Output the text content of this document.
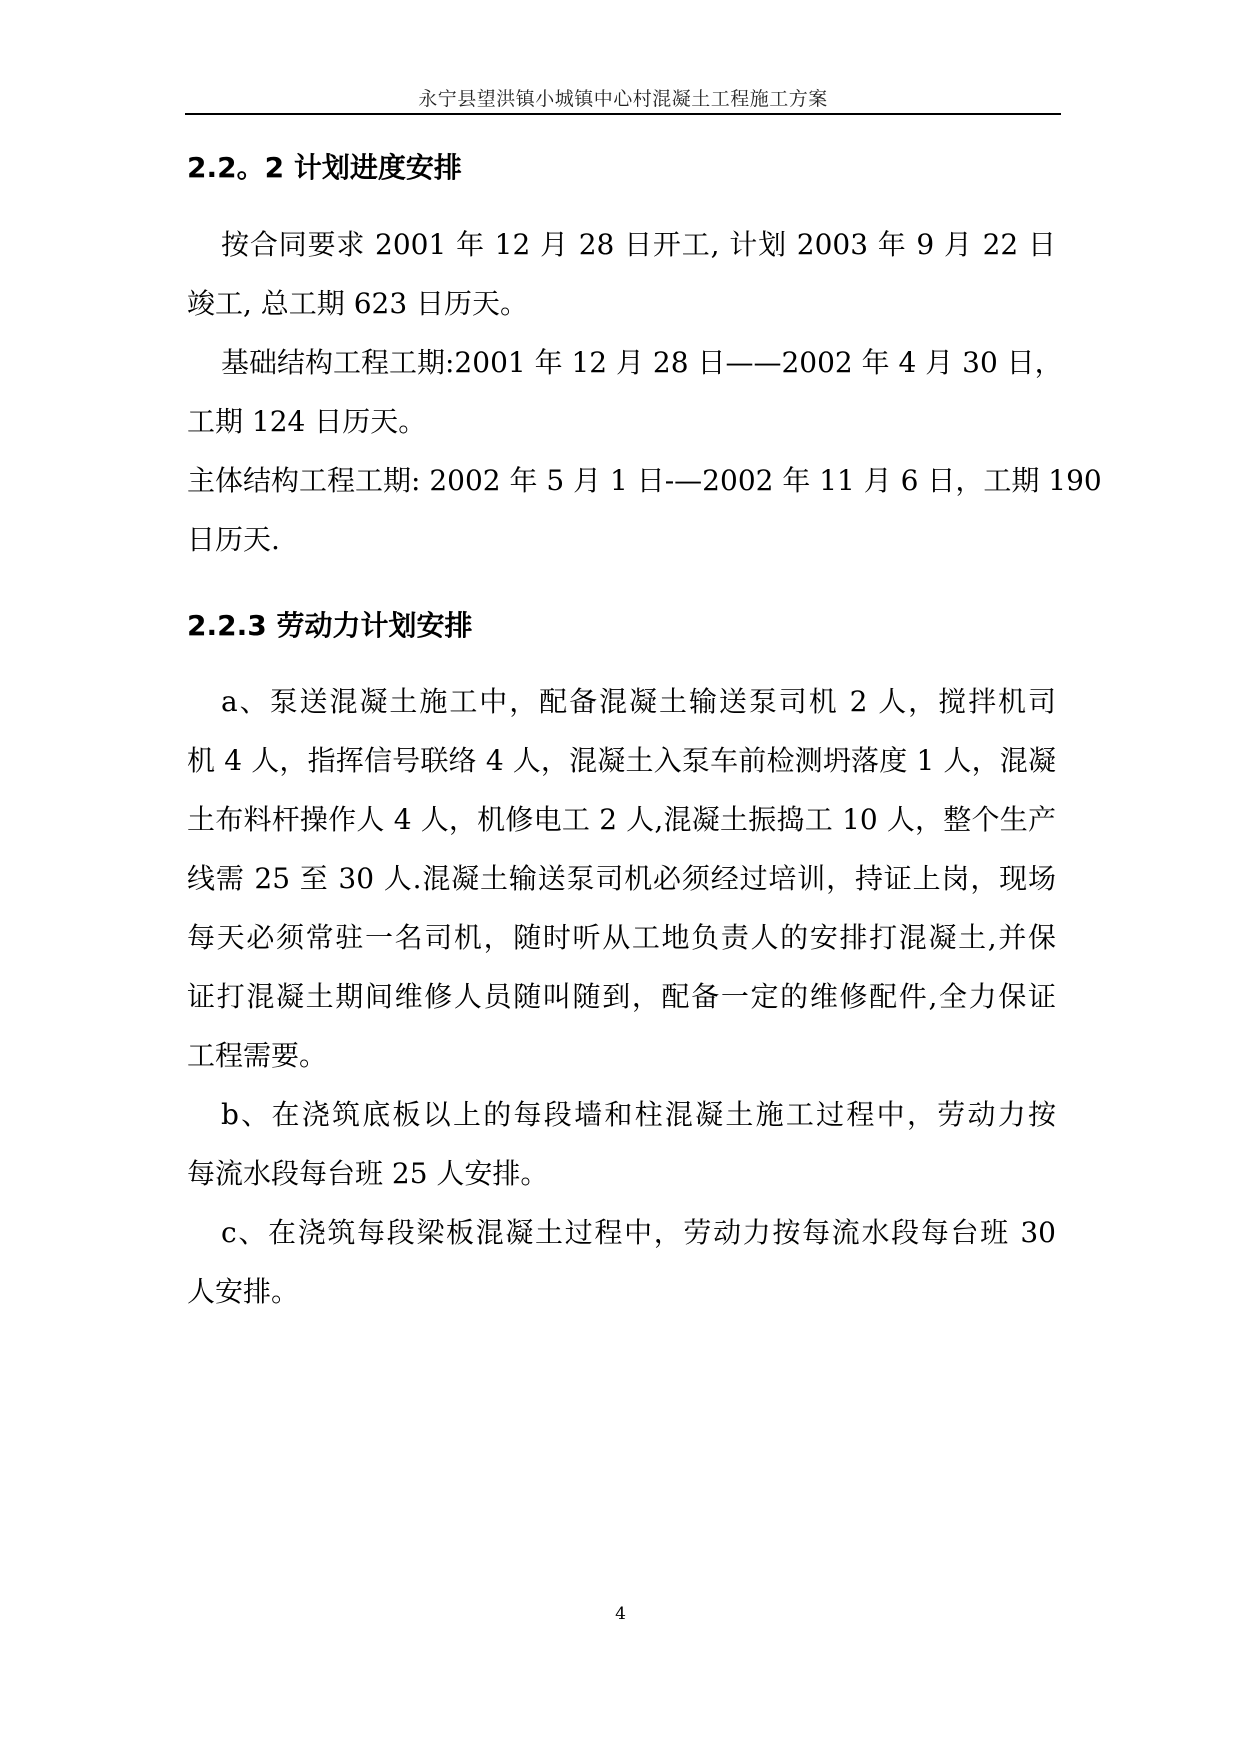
永宁县望洪镇小城镇中心村混凝土工程施工方案
2.2。2 计划进度安排
按合同要求 2001 年 12 月 28 日开工, 计划 2003 年 9 月 22 日
竣工, 总工期 623 日历天。
基础结构工程工期:2001 年 12 月 28 日——2002 年 4 月 30 日，
工期 124 日历天。
主体结构工程工期: 2002 年 5 月 1 日-—2002 年 11 月 6 日，工期 190
日历天.
2.2.3 劳动力计划安排
a、泵送混凝土施工中，配备混凝土输送泵司机 2 人，搅拌机司
机 4 人，指挥信号联络 4 人，混凝土入泵车前检测坍落度 1 人，混凝
土布料杆操作人 4 人，机修电工 2 人,混凝土振捣工 10 人，整个生产
线需 25 至 30 人.混凝土输送泵司机必须经过培训，持证上岗，现场
每天必须常驻一名司机，随时听从工地负责人的安排打混凝土,并保
证打混凝土期间维修人员随叫随到，配备一定的维修配件,全力保证
工程需要。
b、在浇筑底板以上的每段墙和柱混凝土施工过程中，劳动力按
每流水段每台班 25 人安排。
c、在浇筑每段梁板混凝土过程中，劳动力按每流水段每台班 30
人安排。
4
